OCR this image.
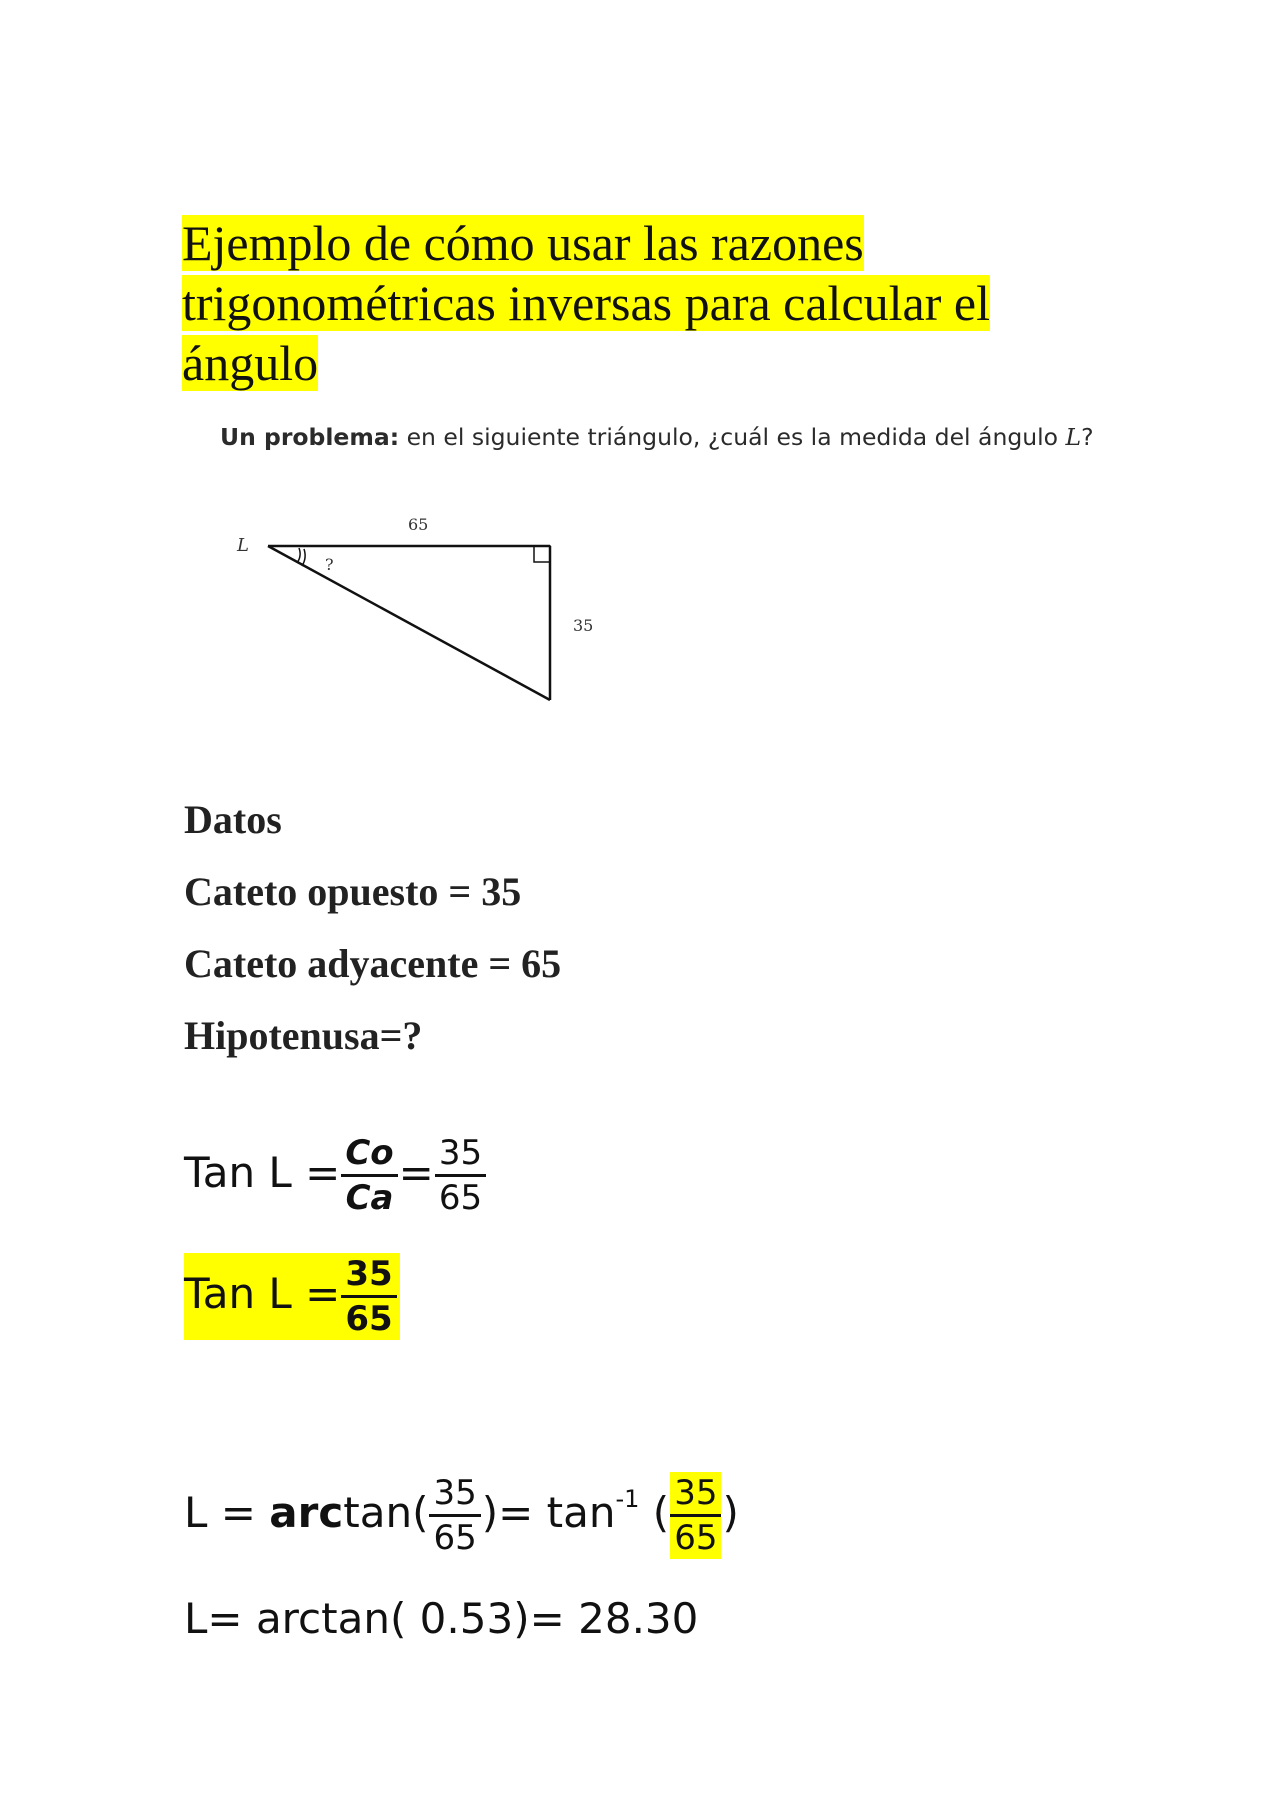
Ejemplo de cómo usar las razones
trigonométricas inversas para calcular el
ángulo
Un problema: en el siguiente triángulo, ¿cuál es la medida del ángulo L?
L
65
35
?
Datos
Cateto opuesto = 35
Cateto adyacente = 65
Hipotenusa=?
Tan $L = \frac{Co}{Ca} = \frac{35}{65}$
Tan $L = \frac{35}{65}$
$L = \arctan( \frac{35}{65}$ )= $\tan^{-1}$ ( $\frac{35}{65}$ )
L= arctan( 0.53)= 28.30
